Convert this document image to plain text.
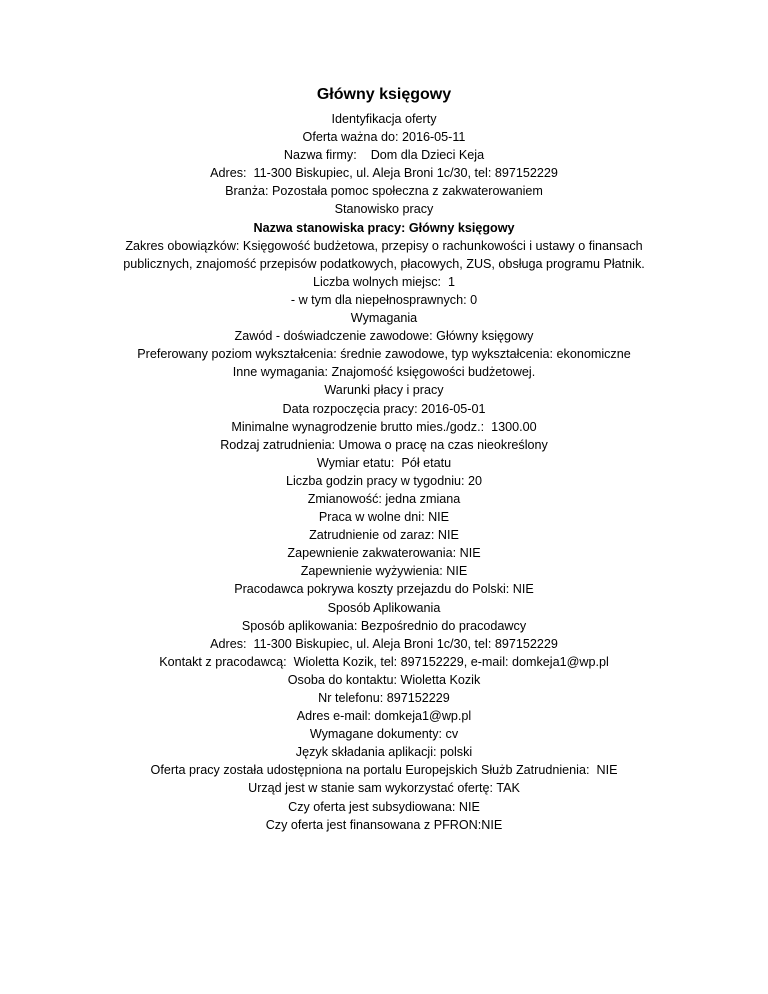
Główny księgowy
Identyfikacja oferty
Oferta ważna do: 2016-05-11
Nazwa firmy:    Dom dla Dzieci Keja
Adres:  11-300 Biskupiec, ul. Aleja Broni 1c/30, tel: 897152229
Branża: Pozostała pomoc społeczna z zakwaterowaniem
Stanowisko pracy
Nazwa stanowiska pracy: Główny księgowy
Zakres obowiązków: Księgowość budżetowa, przepisy o rachunkowości i ustawy o finansach
publicznych, znajomość przepisów podatkowych, płacowych, ZUS, obsługa programu Płatnik.
Liczba wolnych miejsc:  1
- w tym dla niepełnosprawnych: 0
Wymagania
Zawód - doświadczenie zawodowe: Główny księgowy
Preferowany poziom wykształcenia: średnie zawodowe, typ wykształcenia: ekonomiczne
Inne wymagania: Znajomość księgowości budżetowej.
Warunki płacy i pracy
Data rozpoczęcia pracy: 2016-05-01
Minimalne wynagrodzenie brutto mies./godz.:  1300.00
Rodzaj zatrudnienia: Umowa o pracę na czas nieokreślony
Wymiar etatu:  Pół etatu
Liczba godzin pracy w tygodniu: 20
Zmianowość: jedna zmiana
Praca w wolne dni: NIE
Zatrudnienie od zaraz: NIE
Zapewnienie zakwaterowania: NIE
Zapewnienie wyżywienia: NIE
Pracodawca pokrywa koszty przejazdu do Polski: NIE
Sposób Aplikowania
Sposób aplikowania: Bezpośrednio do pracodawcy
Adres:  11-300 Biskupiec, ul. Aleja Broni 1c/30, tel: 897152229
Kontakt z pracodawcą:  Wioletta Kozik, tel: 897152229, e-mail: domkeja1@wp.pl
Osoba do kontaktu: Wioletta Kozik
Nr telefonu: 897152229
Adres e-mail: domkeja1@wp.pl
Wymagane dokumenty: cv
Język składania aplikacji: polski
Oferta pracy została udostępniona na portalu Europejskich Służb Zatrudnienia:  NIE
Urząd jest w stanie sam wykorzystać ofertę: TAK
Czy oferta jest subsydiowana: NIE
Czy oferta jest finansowana z PFRON:NIE
